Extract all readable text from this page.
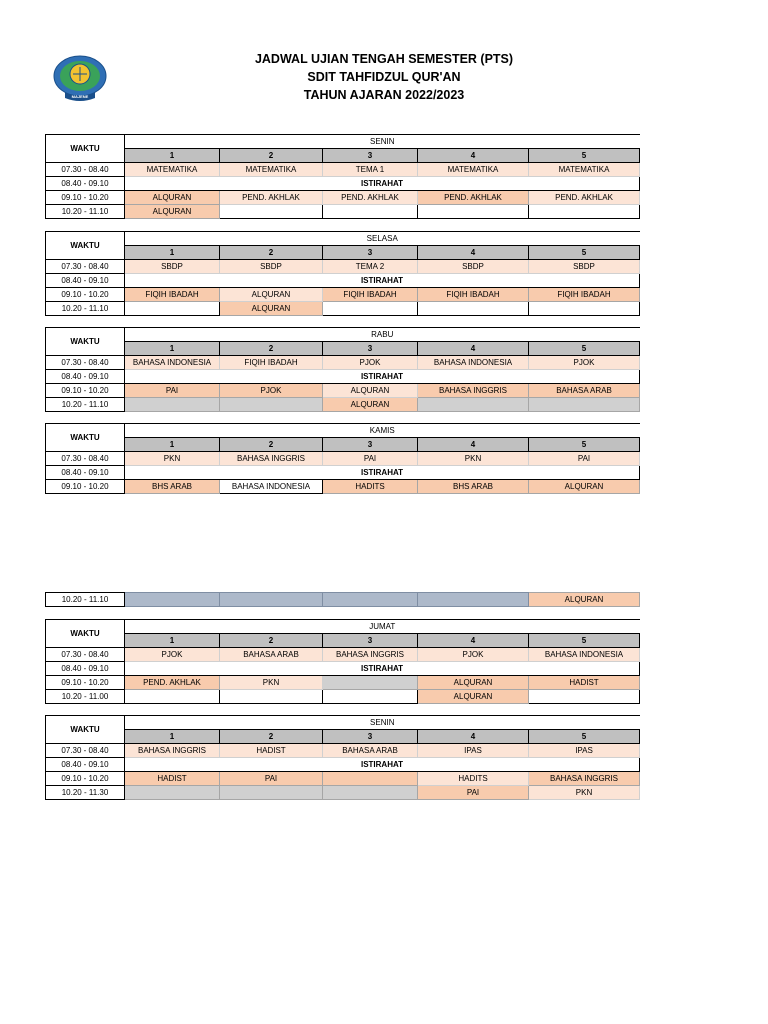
JADWAL UJIAN TENGAH SEMESTER (PTS)
SDIT TAHFIDZUL QUR'AN
TAHUN AJARAN 2022/2023
MAJENE
WAKTU	SENIN				
	1	2	3	4	5
07.30 - 08.40	MATEMATIKA	MATEMATIKA	TEMA 1	MATEMATIKA	MATEMATIKA
08.40 - 09.10	ISTIRAHAT				
09.10 - 10.20	ALQURAN	PEND. AKHLAK	PEND. AKHLAK	PEND. AKHLAK	PEND. AKHLAK
10.20 - 11.10	ALQURAN				
WAKTU	SELASA				
	1	2	3	4	5
07.30 - 08.40	SBDP	SBDP	TEMA 2	SBDP	SBDP
08.40 - 09.10	ISTIRAHAT				
09.10 - 10.20	FIQIH IBADAH	ALQURAN	FIQIH IBADAH	FIQIH IBADAH	FIQIH IBADAH
10.20 - 11.10		ALQURAN			
WAKTU	RABU				
	1	2	3	4	5
07.30 - 08.40	BAHASA INDONESIA	FIQIH IBADAH	PJOK	BAHASA INDONESIA	PJOK
08.40 - 09.10	ISTIRAHAT				
09.10 - 10.20	PAI	PJOK	ALQURAN	BAHASA INGGRIS	BAHASA ARAB
10.20 - 11.10			ALQURAN		
WAKTU	KAMIS				
	1	2	3	4	5
07.30 - 08.40	PKN	BAHASA INGGRIS	PAI	PKN	PAI
08.40 - 09.10	ISTIRAHAT				
09.10 - 10.20	BHS ARAB	BAHASA INDONESIA	HADITS	BHS ARAB	ALQURAN
10.20 - 11.10					ALQURAN
WAKTU	JUMAT				
	1	2	3	4	5
07.30 - 08.40	PJOK	BAHASA ARAB	BAHASA INGGRIS	PJOK	BAHASA INDONESIA
08.40 - 09.10	ISTIRAHAT				
09.10 - 10.20	PEND. AKHLAK	PKN		ALQURAN	HADIST
10.20 - 11.00				ALQURAN	
WAKTU	SENIN				
	1	2	3	4	5
07.30 - 08.40	BAHASA INGGRIS	HADIST	BAHASA ARAB	IPAS	IPAS
08.40 - 09.10	ISTIRAHAT				
09.10 - 10.20	HADIST	PAI		HADITS	BAHASA INGGRIS
10.20 - 11.30				PAI	PKN
